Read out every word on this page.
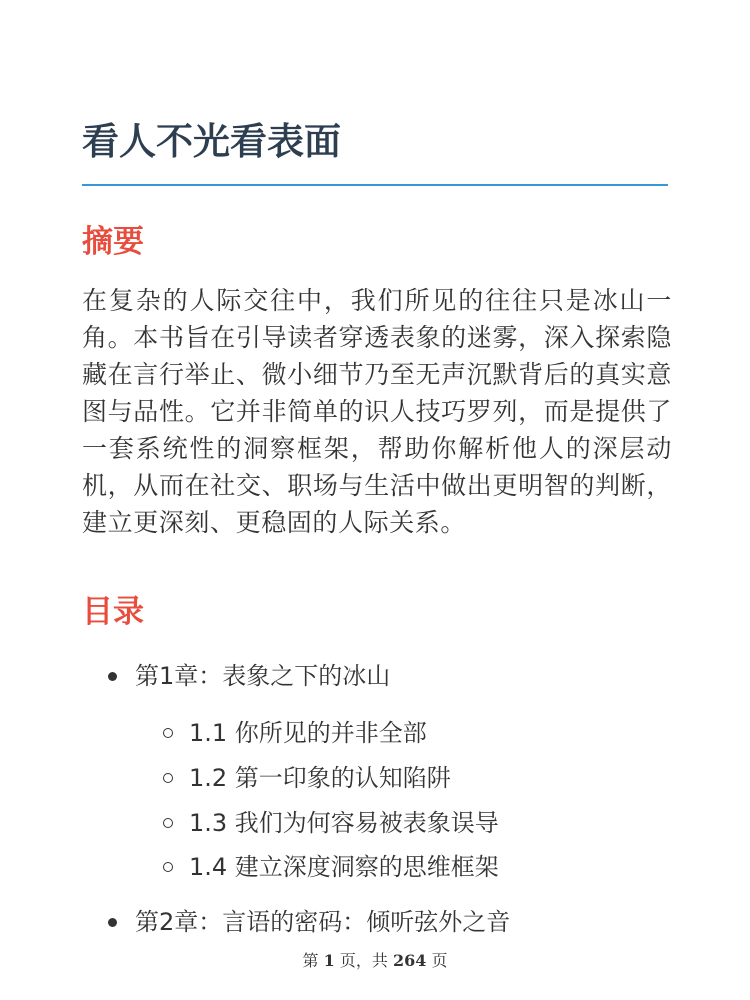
看人不光看表面
摘要

在复杂的人际交往中，我们所见的往往只是冰山一角。本书旨在引导读者穿透表象的迷雾，深入探索隐藏在言行举止、微小细节乃至无声沉默背后的真实意图与品性。它并非简单的识人技巧罗列，而是提供了一套系统性的洞察框架，帮助你解析他人的深层动机，从而在社交、职场与生活中做出更明智的判断，建立更深刻、更稳固的人际关系。

目录
第1章：表象之下的冰山
1.1 你所见的并非全部
1.2 第一印象的认知陷阱
1.3 我们为何容易被表象误导
1.4 建立深度洞察的思维框架
第2章：言语的密码：倾听弦外之音
第 1 页，共 264 页
